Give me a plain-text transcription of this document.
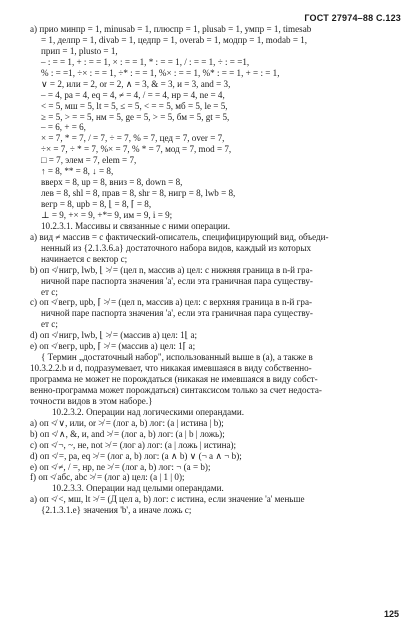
ГОСТ 27974–88 С.123
a) прио минпр = 1, minusab = 1, плюспр = 1, plusab = 1, умпр = 1, timesab
= 1, делпр = 1, divab = 1, цедпр = 1, overab = 1, модпр = 1, modab = 1,
прип = 1, plusto = 1,
– : = = 1, + : = = 1, × : = = 1, * : = = 1, / : = = 1, ÷ : = =1,
% : = =1, ÷× : = = 1, ÷* : = = 1, %× : = = 1, %* : = = 1, + = : = 1,
∨ = 2, или = 2, or = 2, ∧ = 3, & = 3, и = 3, and = 3,
– = 4, ра = 4, eq = 4, ≠ = 4, / = = 4, нр = 4, ne = 4,
< = 5, мш = 5, lt = 5, ≤ = 5, < = = 5, мб = 5, le = 5,
≥ = 5, > = = 5, нм = 5, ge = 5, > = 5, бм = 5, gt = 5,
– = 6, + = 6,
× = 7, * = 7, / = 7, ÷ = 7, % = 7, цед = 7, over = 7,
÷× = 7, ÷ * = 7, %× = 7, % * = 7, мод = 7, mod = 7,
□ = 7, элем = 7, elem = 7,
↑ = 8, ** = 8, ↓ = 8,
вверх = 8, up = 8, вниз = 8, down = 8,
лев = 8, shl = 8, прав = 8, shr = 8, нигр = 8, lwb = 8,
вегр = 8, upb = 8, ⌊ = 8, ⌈ = 8,
⊥ = 9, +× = 9, +*= 9, им = 9, i = 9;
10.2.3.1. Массивы и связанные с ними операции.
a) вид ≠ массив = с фактический-описатель, специфицирующий вид, объеди-
ненный из {2.1.3.6.a} достаточного набора видов, каждый из которых
начинается с вектор с;
b) оп ≮ нигр, lwb, ⌊ ≯ = (цел n, массив a) цел: с нижняя граница в n-й гра-
ничной паре паспорта значения 'a', если эта граничная пара существу-
ет с;
c) оп ≮ вегр, upb, ⌈ ≯ = (цел n, массив a) цел: с верхняя граница в n-й гра-
ничной паре паспорта значения 'a', если эта граничная пара существу-
ет с;
d) оп ≮ нигр, lwb, ⌊ ≯ = (массив a) цел: 1⌊ a;
e) оп ≮ вегр, upb, ⌈ ≯ = (массив a) цел: 1⌈ a;
{ Термин „достаточный набор", использованный выше в (a), а также в
10.3.2.2.b и d, подразумевает, что никакая имевшаяся в виду собственно-
программа не может не порождаться (никакая не имевшаяся в виду собст-
венно-программа может порождаться) синтаксисом только за счет недоста-
точности видов в этом наборе.}
10.2.3.2. Операции над логическими операндами.
a) оп ≮ ∨, или, or ≯ = (лог a, b) лог: (a | истина | b);
b) оп ≮ ∧, &, и, and ≯ = (лог a, b) лог: (a | b | ложь);
c) оп ≮ ¬, ~, не, not ≯ = (лог a) лог: (a | ложь | истина);
d) оп ≮ =, ра, eq ≯ = (лог a, b) лог: (a ∧ b) ∨ (¬ a ∧ ¬ b);
e) оп ≮ ≠, / =, нр, ne ≯ = (лог a, b) лог: ¬ (a = b);
f) оп ≮ абс, abc ≯ = (лог a) цел: (a | 1 | 0);
10.2.3.3. Операции над целыми операндами.
a) оп ≮ <, мш, lt ≯ = (Д цел a, b) лог: с истина, если значение 'a' меньше
{2.1.3.1.e} значения 'b', а иначе ложь с;
125
